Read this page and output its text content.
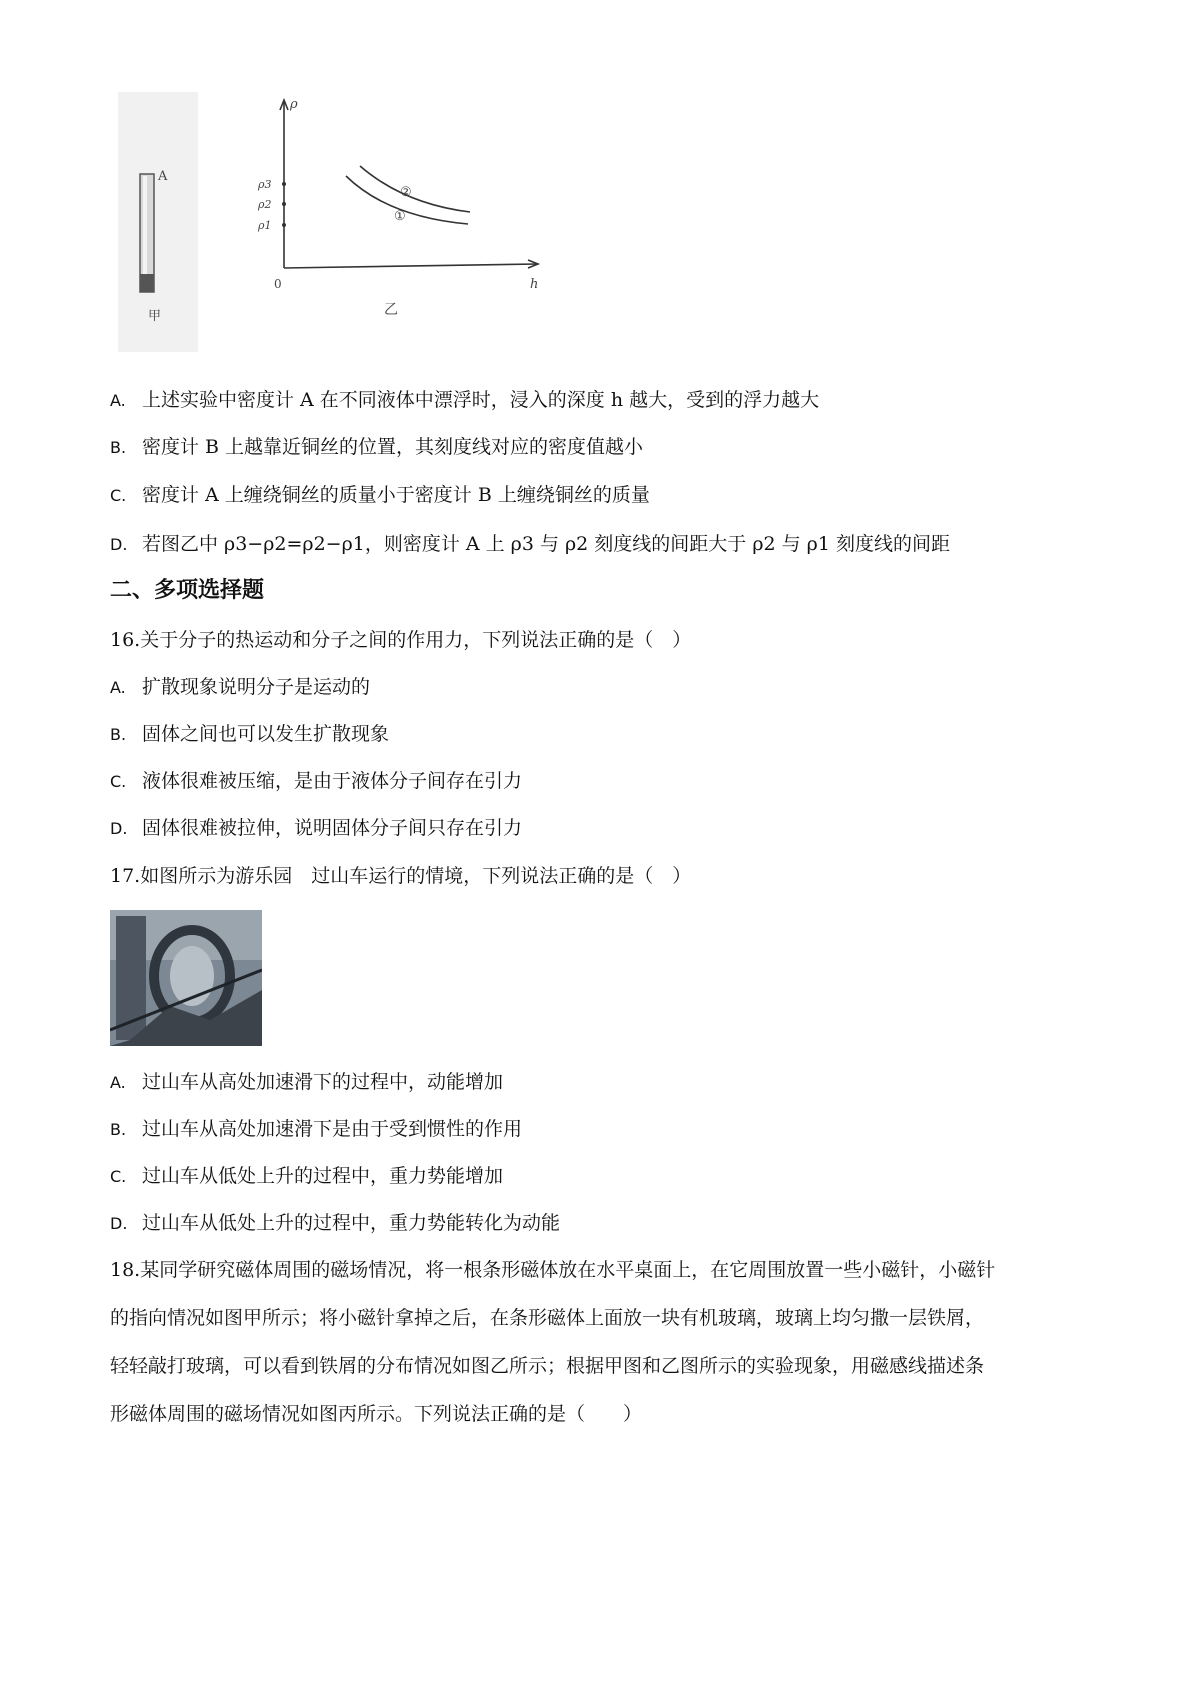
A
甲
ρ
h
0
ρ3
ρ2
ρ1
②
①
乙
A. 上述实验中密度计 A 在不同液体中漂浮时，浸入的深度 h 越大，受到的浮力越大
B. 密度计 B 上越靠近铜丝的位置，其刻度线对应的密度值越小
C. 密度计 A 上缠绕铜丝的质量小于密度计 B 上缠绕铜丝的质量
D. 若图乙中 ρ3−ρ2=ρ2−ρ1，则密度计 A 上 ρ3 与 ρ2 刻度线的间距大于 ρ2 与 ρ1 刻度线的间距
二、多项选择题
16.关于分子的热运动和分子之间的作用力，下列说法正确的是（　）
A. 扩散现象说明分子是运动的
B. 固体之间也可以发生扩散现象
C. 液体很难被压缩，是由于液体分子间存在引力
D. 固体很难被拉伸，说明固体分子间只存在引力
17.如图所示为游乐园　过山车运行的情境，下列说法正确的是（　）
A. 过山车从高处加速滑下的过程中，动能增加
B. 过山车从高处加速滑下是由于受到惯性的作用
C. 过山车从低处上升的过程中，重力势能增加
D. 过山车从低处上升的过程中，重力势能转化为动能
18.某同学研究磁体周围的磁场情况，将一根条形磁体放在水平桌面上，在它周围放置一些小磁针，小磁针
的指向情况如图甲所示；将小磁针拿掉之后，在条形磁体上面放一块有机玻璃，玻璃上均匀撒一层铁屑，
轻轻敲打玻璃，可以看到铁屑的分布情况如图乙所示；根据甲图和乙图所示的实验现象，用磁感线描述条
形磁体周围的磁场情况如图丙所示。下列说法正确的是（　　）
